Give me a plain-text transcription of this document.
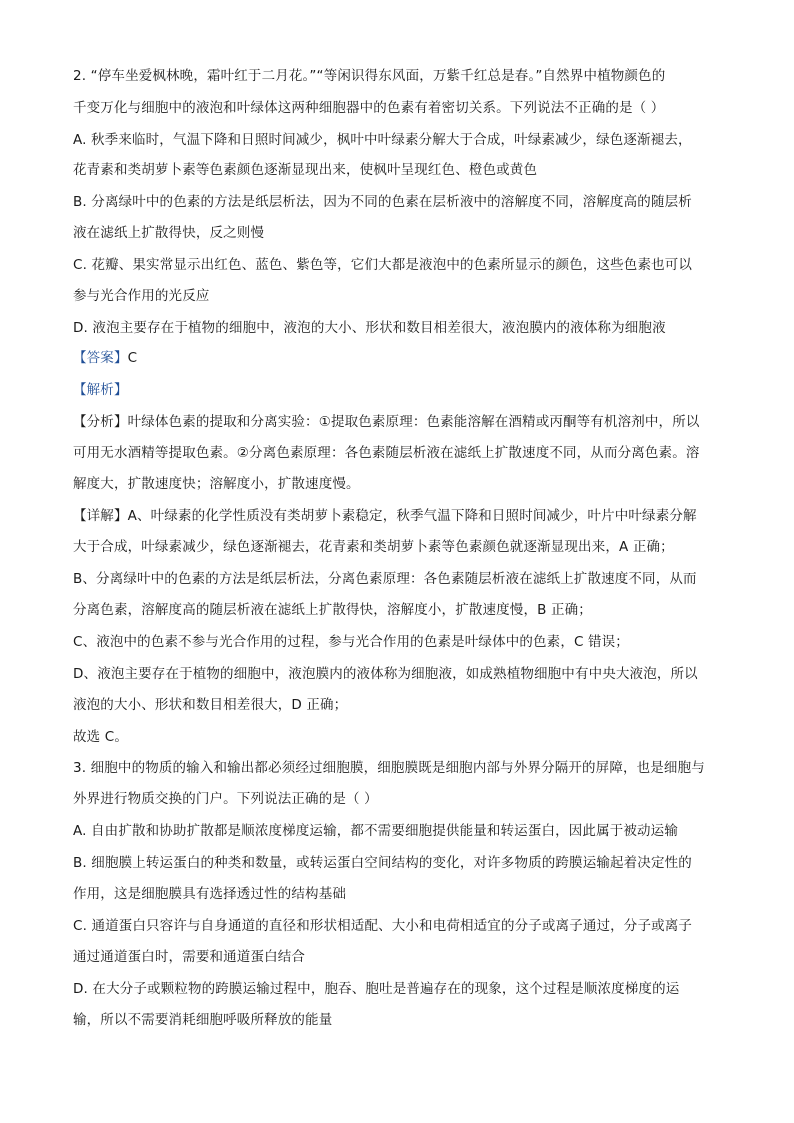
2. “停车坐爱枫林晚，霜叶红于二月花。”“等闲识得东风面，万紫千红总是春。”自然界中植物颜色的
千变万化与细胞中的液泡和叶绿体这两种细胞器中的色素有着密切关系。下列说法不正确的是（ ）
A. 秋季来临时，气温下降和日照时间减少，枫叶中叶绿素分解大于合成，叶绿素减少，绿色逐渐褪去，
花青素和类胡萝卜素等色素颜色逐渐显现出来，使枫叶呈现红色、橙色或黄色
B. 分离绿叶中的色素的方法是纸层析法，因为不同的色素在层析液中的溶解度不同，溶解度高的随层析
液在滤纸上扩散得快，反之则慢
C. 花瓣、果实常显示出红色、蓝色、紫色等，它们大都是液泡中的色素所显示的颜色，这些色素也可以
参与光合作用的光反应
D. 液泡主要存在于植物的细胞中，液泡的大小、形状和数目相差很大，液泡膜内的液体称为细胞液
【答案】C
【解析】
【分析】叶绿体色素的提取和分离实验：①提取色素原理：色素能溶解在酒精或丙酮等有机溶剂中，所以
可用无水酒精等提取色素。②分离色素原理：各色素随层析液在滤纸上扩散速度不同，从而分离色素。溶
解度大，扩散速度快；溶解度小，扩散速度慢。
【详解】A、叶绿素的化学性质没有类胡萝卜素稳定，秋季气温下降和日照时间减少，叶片中叶绿素分解
大于合成，叶绿素减少，绿色逐渐褪去，花青素和类胡萝卜素等色素颜色就逐渐显现出来，A 正确；
B、分离绿叶中的色素的方法是纸层析法，分离色素原理：各色素随层析液在滤纸上扩散速度不同，从而
分离色素，溶解度高的随层析液在滤纸上扩散得快，溶解度小，扩散速度慢，B 正确；
C、液泡中的色素不参与光合作用的过程，参与光合作用的色素是叶绿体中的色素，C 错误；
D、液泡主要存在于植物的细胞中，液泡膜内的液体称为细胞液，如成熟植物细胞中有中央大液泡，所以
液泡的大小、形状和数目相差很大，D 正确；
故选 C。
3. 细胞中的物质的输入和输出都必须经过细胞膜，细胞膜既是细胞内部与外界分隔开的屏障，也是细胞与
外界进行物质交换的门户。下列说法正确的是（ ）
A. 自由扩散和协助扩散都是顺浓度梯度运输，都不需要细胞提供能量和转运蛋白，因此属于被动运输
B. 细胞膜上转运蛋白的种类和数量，或转运蛋白空间结构的变化，对许多物质的跨膜运输起着决定性的
作用，这是细胞膜具有选择透过性的结构基础
C. 通道蛋白只容许与自身通道的直径和形状相适配、大小和电荷相适宜的分子或离子通过，分子或离子
通过通道蛋白时，需要和通道蛋白结合
D. 在大分子或颗粒物的跨膜运输过程中，胞吞、胞吐是普遍存在的现象，这个过程是顺浓度梯度的运
输，所以不需要消耗细胞呼吸所释放的能量
